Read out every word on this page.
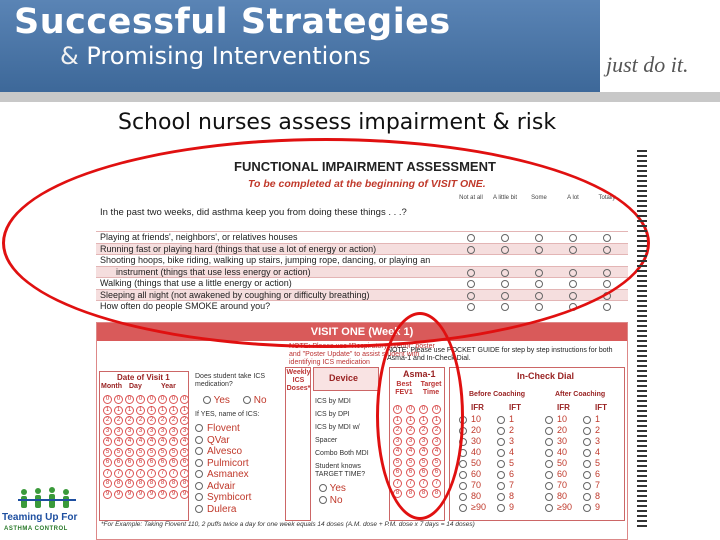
Successful Strategies
& Promising Interventions	just do it.
School nurses assess impairment & risk
FUNCTIONAL IMPAIRMENT ASSESSMENT
To be completed at the beginning of VISIT ONE.
In the past two weeks, did asthma keep you from doing these things . . .?
Not at all	A little bit	Some	A lot	Totally
Playing at friends', neighbors', or relatives houses
Running fast or playing hard (things that use a lot of energy or action)
Shooting hoops, bike riding, walking up stairs, jumping rope, dancing, or playing an
instrument (things that use less energy or action)
Walking (things that use a little energy or action)
Sleeping all night (not awakened by coughing or difficulty breathing)
How often do people SMOKE around you?
VISIT ONE (Week 1)
NOTE: Please use "Respiratory Interior" poster and "Poster Update" to assist student with identifying ICS medication
NOTE: Please use POCKET GUIDE for step by step instructions for both Asma-1 and In-Check Dial.
Date of Visit 1
Month Day	Year
0
1
2
3
4
5
6
7
8
9
0
1
2
3
4
5
6
7
8
9
0
1
2
3
4
5
6
7
8
9
0
1
2
3
4
5
6
7
8
9
0
1
2
3
4
5
6
7
8
9
0
1
2
3
4
5
6
7
8
9
0
1
2
3
4
5
6
7
8
9
0
1
2
3
4
5
6
7
8
9
Does student take ICS medication?
Yes	No
If YES, name of ICS:
Flovent
QVar
Alvesco
Pulmicort
Asmanex
Advair
Symbicort
Dulera
Weekly ICS Doses*
Device
ICS by MDI
ICS by DPI
ICS by MDI w/ Spacer
Combo Both MDI
Student knows TARGET TIME?
Yes
No
Asma-1
Best FEV1
Target Time
0
1
2
3
4
5
6
7
8
0
1
2
3
4
5
6
7
8
0
1
2
3
4
5
6
7
8
0
1
2
3
4
5
6
7
8
In-Check Dial
Before Coaching	After Coaching
IFR	IFT	IFR	IFT
10	1	10	1
20	2	20	2
30	3	30	3
40	4	40	4
50	5	50	5
60	6	60	6
70	7	70	7
80	8	80	8
≥90	9	≥90	9
*For Example: Taking Flovent 110, 2 puffs twice a day for one week equals 14 doses (A.M. dose + P.M. dose x 7 days = 14 doses)
Teaming Up For
ASTHMA CONTROL
